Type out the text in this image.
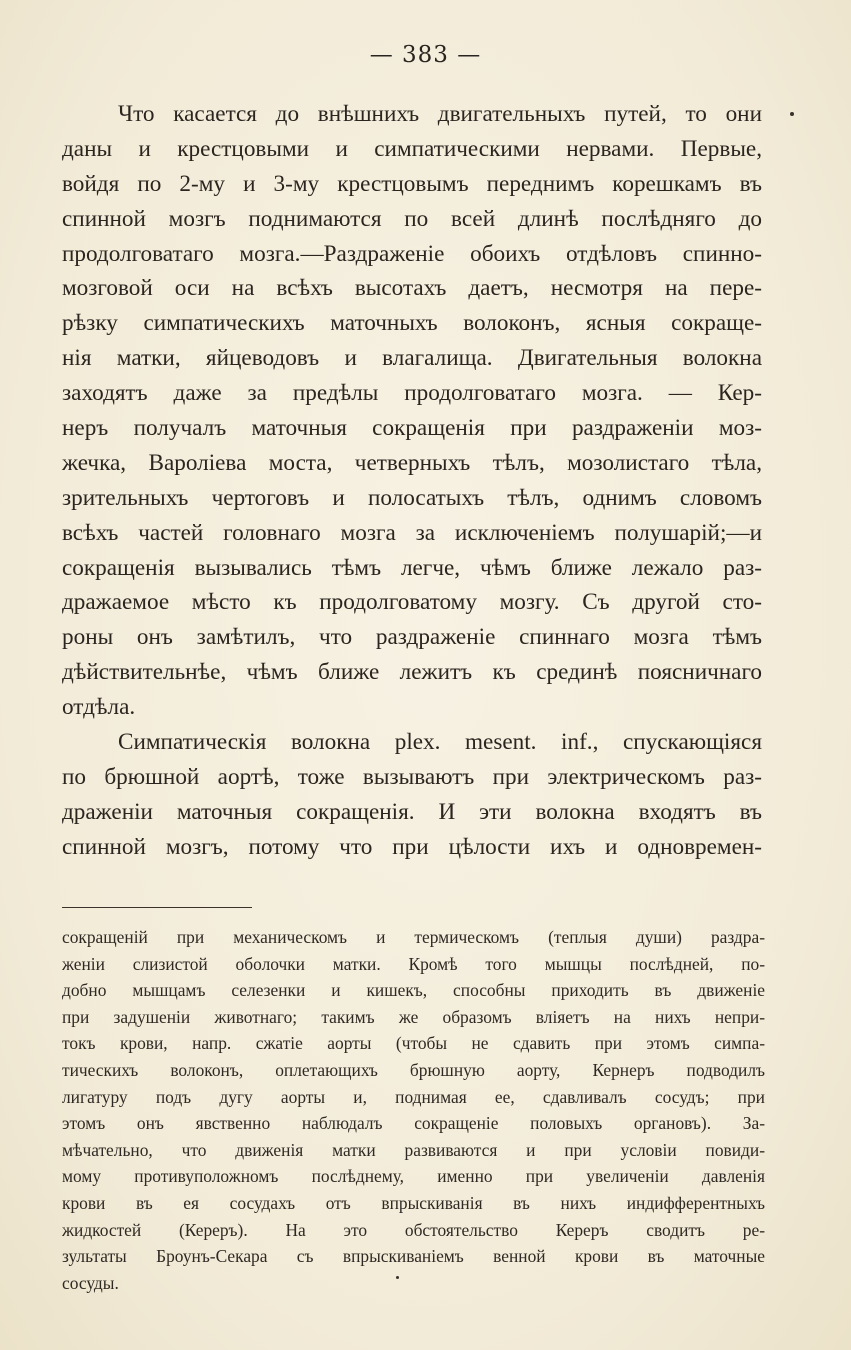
— 383 —
Что касается до внѣшнихъ двигательныхъ путей, то они
даны и крестцовыми и симпатическими нервами. Первые,
войдя по 2-му и 3-му крестцовымъ переднимъ корешкамъ въ
спинной мозгъ поднимаются по всей длинѣ послѣдняго до
продолговатаго мозга.—Раздраженіе обоихъ отдѣловъ спинно-
мозговой оси на всѣхъ высотахъ даетъ, несмотря на пере-
рѣзку симпатическихъ маточныхъ волоконъ, ясныя сокраще-
нія матки, яйцеводовъ и влагалища. Двигательныя волокна
заходятъ даже за предѣлы продолговатаго мозга. — Кер-
неръ получалъ маточныя сокращенія при раздраженіи моз-
жечка, Вароліева моста, четверныхъ тѣлъ, мозолистаго тѣла,
зрительныхъ чертоговъ и полосатыхъ тѣлъ, однимъ словомъ
всѣхъ частей головнаго мозга за исключеніемъ полушарій;—и
сокращенія вызывались тѣмъ легче, чѣмъ ближе лежало раз-
дражаемое мѣсто къ продолговатому мозгу. Съ другой сто-
роны онъ замѣтилъ, что раздраженіе спиннаго мозга тѣмъ
дѣйствительнѣе, чѣмъ ближе лежитъ къ срединѣ поясничнаго
отдѣла.
Симпатическія волокна plex. mesent. inf., спускающіяся
по брюшной аортѣ, тоже вызываютъ при электрическомъ раз-
драженіи маточныя сокращенія. И эти волокна входятъ въ
спинной мозгъ, потому что при цѣлости ихъ и одновремен-
сокращеній при механическомъ и термическомъ (теплыя души) раздра-
женіи слизистой оболочки матки. Кромѣ того мышцы послѣдней, по-
добно мышцамъ селезенки и кишекъ, способны приходить въ движеніе
при задушеніи животнаго; такимъ же образомъ вліяетъ на нихъ непри-
токъ крови, напр. сжатіе аорты (чтобы не сдавить при этомъ симпа-
тическихъ волоконъ, оплетающихъ брюшную аорту, Кернеръ подводилъ
лигатуру подъ дугу аорты и, поднимая ее, сдавливалъ сосудъ; при
этомъ онъ явственно наблюдалъ сокращеніе половыхъ органовъ). За-
мѣчательно, что движенія матки развиваются и при условіи повиди-
мому противуположномъ послѣднему, именно при увеличеніи давленія
крови въ ея сосудахъ отъ впрыскиванія въ нихъ индифферентныхъ
жидкостей (Кереръ). На это обстоятельство Кереръ сводитъ ре-
зультаты Броунъ-Секара съ впрыскиваніемъ венной крови въ маточные
сосуды.
